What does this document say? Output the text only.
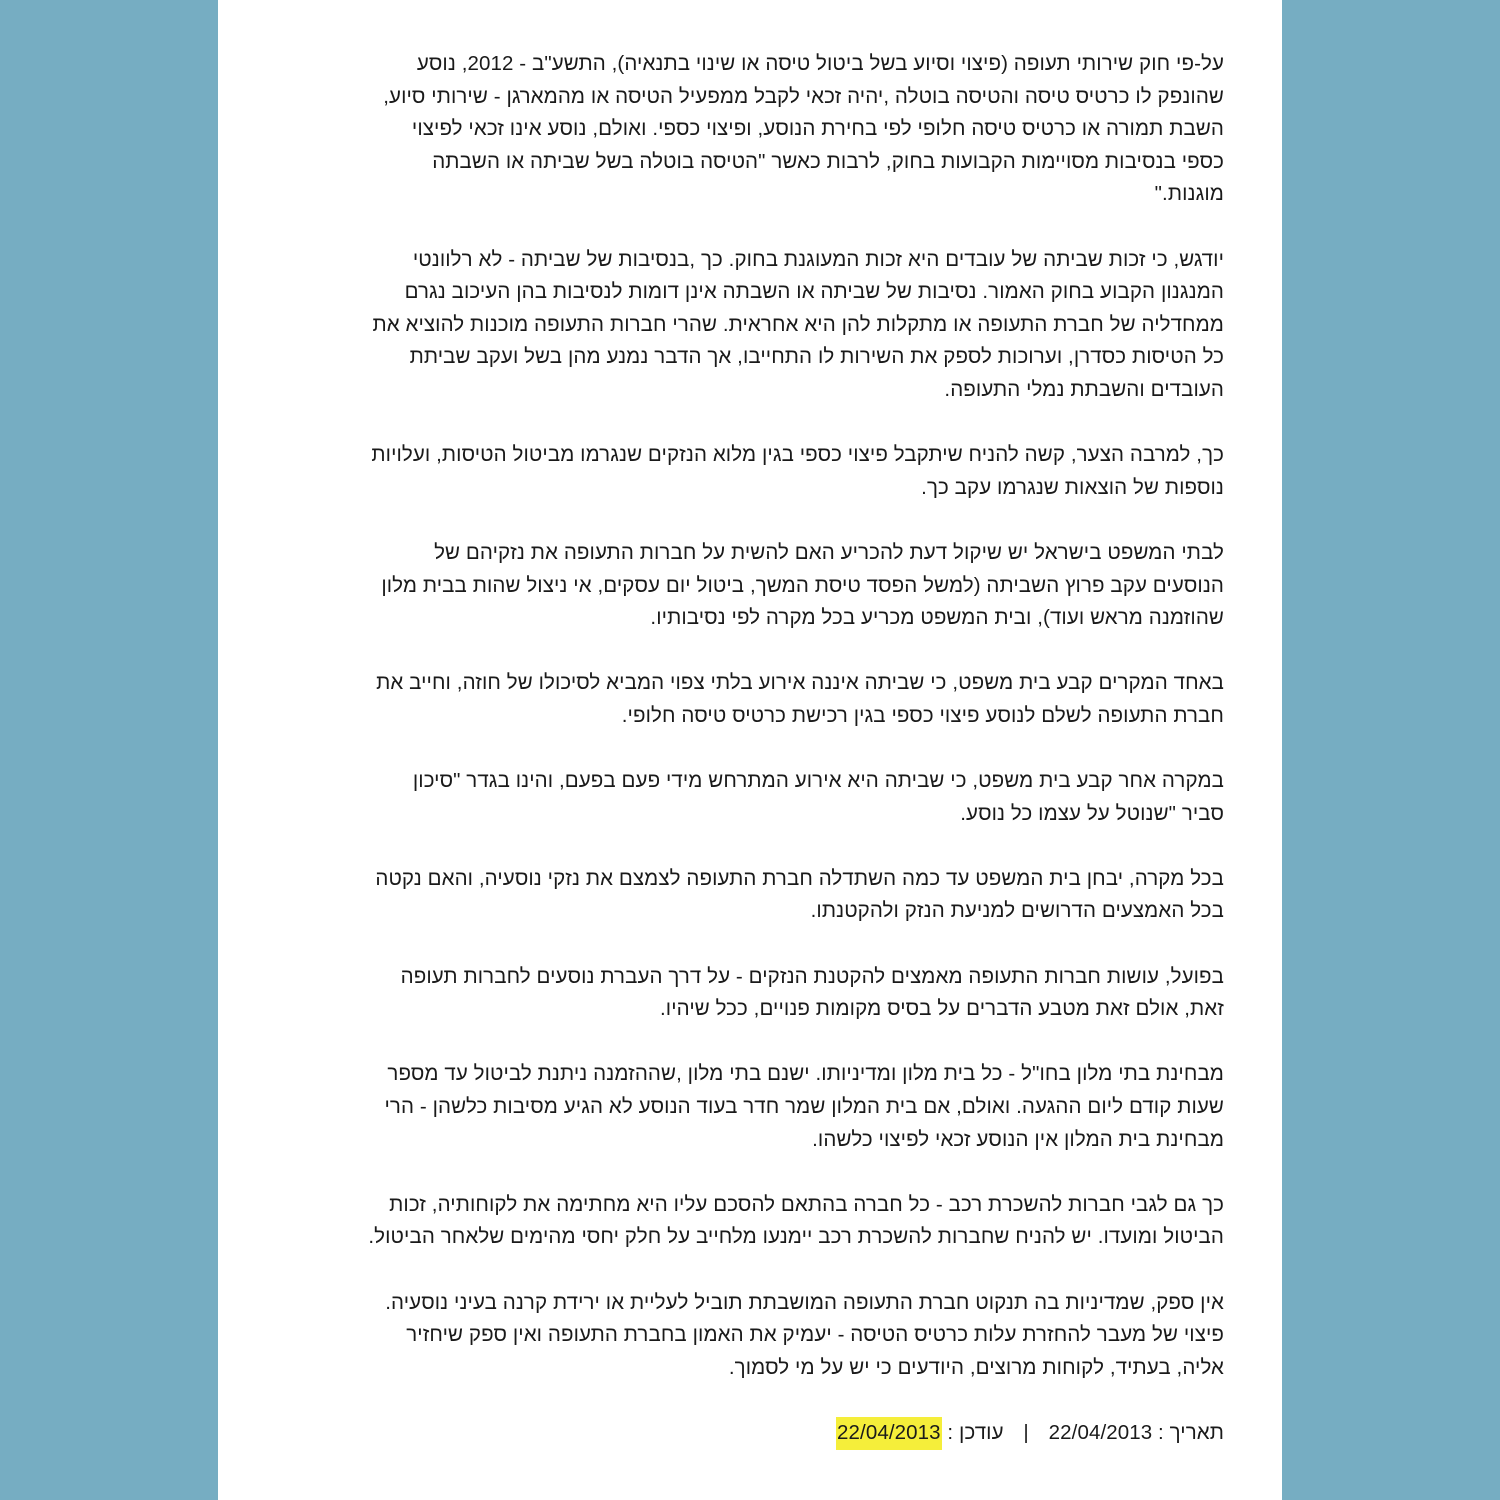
על-פי חוק שירותי תעופה (פיצוי וסיוע בשל ביטול טיסה או שינוי בתנאיה), התשע"ב - 2012, נוסע
שהונפק לו כרטיס טיסה והטיסה בוטלה ,יהיה זכאי לקבל ממפעיל הטיסה או מהמארגן - שירותי סיוע,
השבת תמורה או כרטיס טיסה חלופי לפי בחירת הנוסע, ופיצוי כספי. ואולם, נוסע אינו זכאי לפיצוי
כספי בנסיבות מסויימות הקבועות בחוק, לרבות כאשר "הטיסה בוטלה בשל שביתה או השבתה
מוגנות."

יודגש, כי זכות שביתה של עובדים היא זכות המעוגנת בחוק. כך ,בנסיבות של שביתה - לא רלוונטי
המנגנון הקבוע בחוק האמור. נסיבות של שביתה או השבתה אינן דומות לנסיבות בהן העיכוב נגרם
ממחדליה של חברת התעופה או מתקלות להן היא אחראית. שהרי חברות התעופה מוכנות להוציא את
כל הטיסות כסדרן, וערוכות לספק את השירות לו התחייבו, אך הדבר נמנע מהן בשל ועקב שביתת
העובדים והשבתת נמלי התעופה.

כך, למרבה הצער, קשה להניח שיתקבל פיצוי כספי בגין מלוא הנזקים שנגרמו מביטול הטיסות, ועלויות
נוספות של הוצאות שנגרמו עקב כך.

לבתי המשפט בישראל יש שיקול דעת להכריע האם להשית על חברות התעופה את נזקיהם של
הנוסעים עקב פרוץ השביתה (למשל הפסד טיסת המשך, ביטול יום עסקים, אי ניצול שהות בבית מלון
שהוזמנה מראש ועוד), ובית המשפט מכריע בכל מקרה לפי נסיבותיו.

באחד המקרים קבע בית משפט, כי שביתה איננה אירוע בלתי צפוי המביא לסיכולו של חוזה, וחייב את
חברת התעופה לשלם לנוסע פיצוי כספי בגין רכישת כרטיס טיסה חלופי.

במקרה אחר קבע בית משפט, כי שביתה היא אירוע המתרחש מידי פעם בפעם, והינו בגדר "סיכון
סביר "שנוטל על עצמו כל נוסע.

בכל מקרה, יבחן בית המשפט עד כמה השתדלה חברת התעופה לצמצם את נזקי נוסעיה, והאם נקטה
בכל האמצעים הדרושים למניעת הנזק ולהקטנתו.

בפועל, עושות חברות התעופה מאמצים להקטנת הנזקים - על דרך העברת נוסעים לחברות תעופה
זאת, אולם זאת מטבע הדברים על בסיס מקומות פנויים, ככל שיהיו.

מבחינת בתי מלון בחו"ל - כל בית מלון ומדיניותו. ישנם בתי מלון ,שההזמנה ניתנת לביטול עד מספר
שעות קודם ליום ההגעה. ואולם, אם בית המלון שמר חדר בעוד הנוסע לא הגיע מסיבות כלשהן - הרי
מבחינת בית המלון אין הנוסע זכאי לפיצוי כלשהו.

כך גם לגבי חברות להשכרת רכב - כל חברה בהתאם להסכם עליו היא מחתימה את לקוחותיה, זכות
הביטול ומועדו. יש להניח שחברות להשכרת רכב יימנעו מלחייב על חלק יחסי מהימים שלאחר הביטול.

אין ספק, שמדיניות בה תנקוט חברת התעופה המושבתת תוביל לעליית או ירידת קרנה בעיני נוסעיה.
פיצוי של מעבר להחזרת עלות כרטיס הטיסה - יעמיק את האמון בחברת התעופה ואין ספק שיחזיר
אליה, בעתיד, לקוחות מרוצים, היודעים כי יש על מי לסמוך.

תאריך : 22/04/2013 | עודכן : 22/04/2013
